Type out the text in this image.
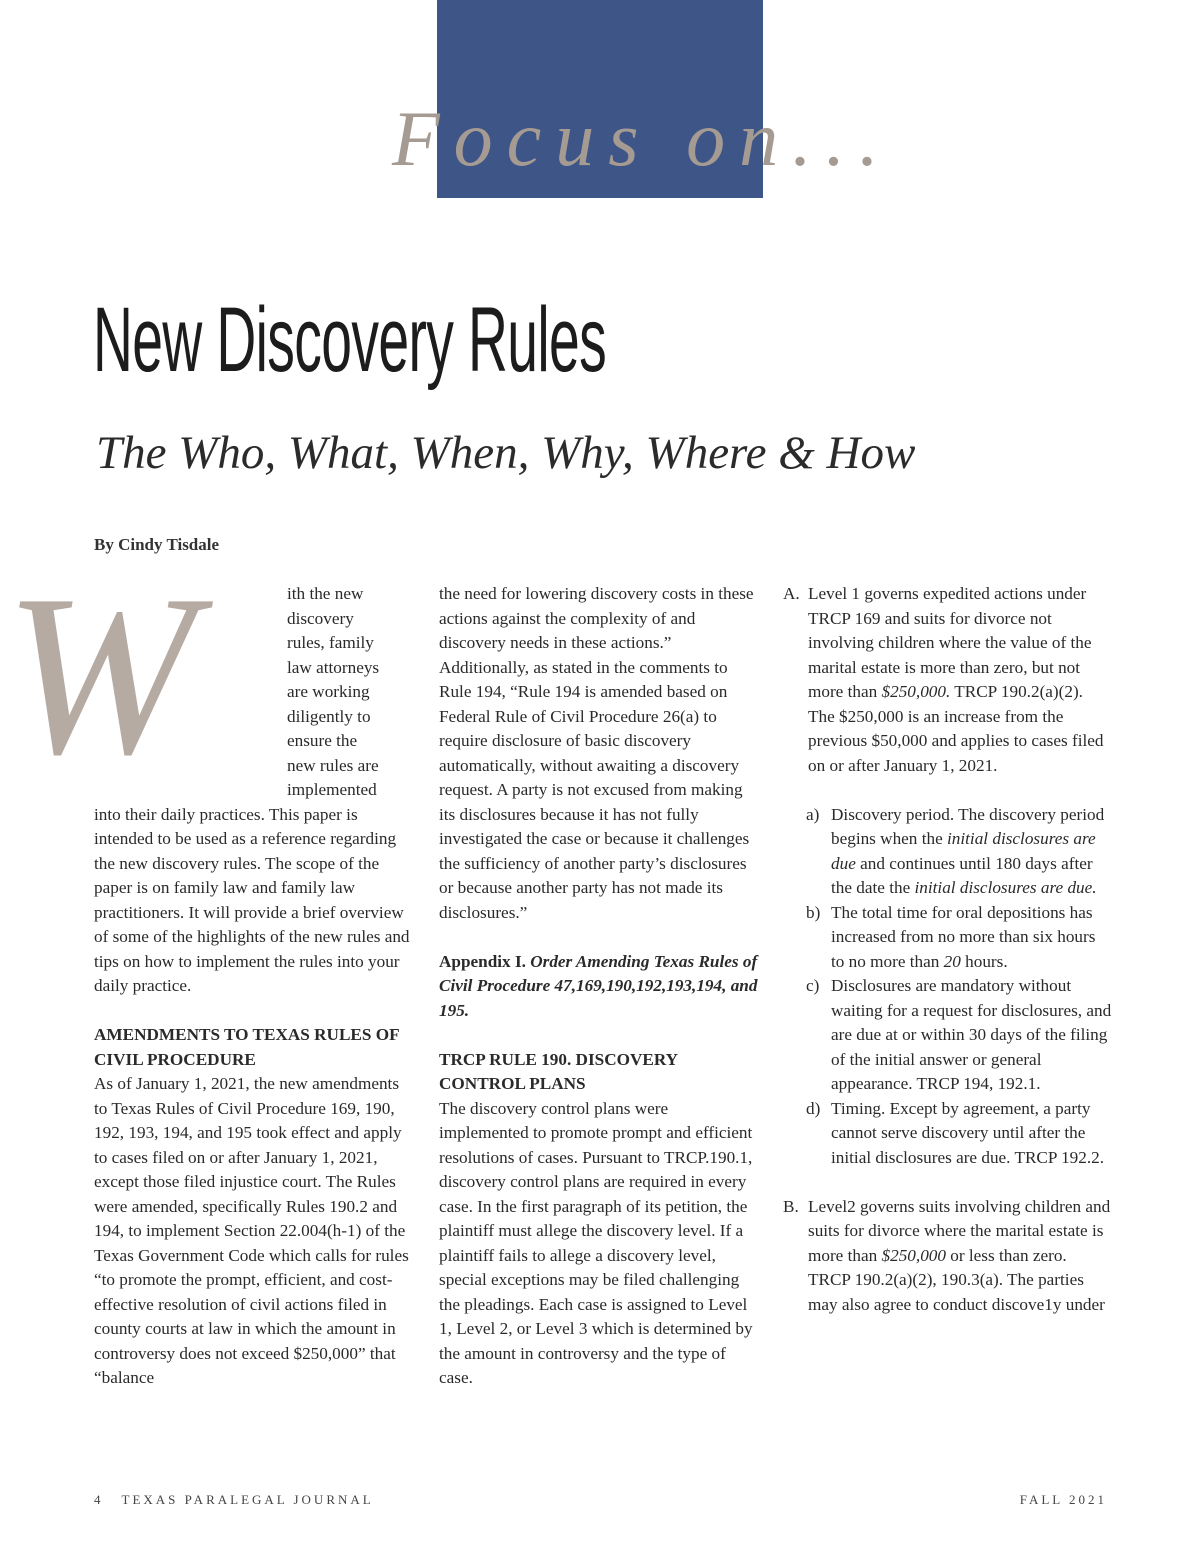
Focus on...
New Discovery Rules
The Who, What, When, Why, Where & How
By Cindy Tisdale
W	ith the new
discovery
rules, family
law attorneys
are working
diligently to
ensure the
new rules are
implemented

into their daily practices. This paper is intended to be used as a reference regarding the new discovery rules. The scope of the paper is on family law and family law practitioners. It will provide a brief overview of some of the highlights of the new rules and tips on how to implement the rules into your daily practice.

AMENDMENTS TO TEXAS RULES OF CIVIL PROCEDURE

As of January 1, 2021, the new amendments to Texas Rules of Civil Procedure 169, 190, 192, 193, 194, and 195 took effect and apply to cases filed on or after January 1, 2021, except those filed injustice court. The Rules were amended, specifically Rules 190.2 and 194, to implement Section 22.004(h-1) of the Texas Government Code which calls for rules “to promote the prompt, efficient, and cost-effective resolution of civil actions filed in county courts at law in which the amount in controversy does not exceed $250,000” that “balance

the need for lowering discovery costs in these actions against the complexity of and discovery needs in these actions.” Additionally, as stated in the comments to Rule 194, “Rule 194 is amended based on Federal Rule of Civil Procedure 26(a) to require disclosure of basic discovery automatically, without awaiting a discovery request. A party is not excused from making its disclosures because it has not fully investigated the case or because it challenges the sufficiency of another party’s disclosures or because another party has not made its disclosures.”

Appendix I. Order Amending Texas Rules of Civil Procedure 47,169,190,192,193,194, and 195.

TRCP RULE 190. DISCOVERY CONTROL PLANS

The discovery control plans were implemented to promote prompt and efficient resolutions of cases. Pursuant to TRCP.190.1, discovery control plans are required in every case. In the first paragraph of its petition, the plaintiff must allege the discovery level. If a plaintiff fails to allege a discovery level, special exceptions may be filed challenging the pleadings. Each case is assigned to Level 1, Level 2, or Level 3 which is determined by the amount in controversy and the type of case.

A. Level 1 governs expedited actions under TRCP 169 and suits for divorce not involving children where the value of the marital estate is more than zero, but not more than $250,000. TRCP 190.2(a)(2). The $250,000 is an increase from the previous $50,000 and applies to cases filed on or after January 1, 2021.
a) Discovery period. The discovery period begins when the initial disclosures are due and continues until 180 days after the date the initial disclosures are due.
b) The total time for oral depositions has increased from no more than six hours to no more than 20 hours.
c) Disclosures are mandatory without waiting for a request for disclosures, and are due at or within 30 days of the filing of the initial answer or general appearance. TRCP 194, 192.1.
d) Timing. Except by agreement, a party cannot serve discovery until after the initial disclosures are due. TRCP 192.2.
B. Level2 governs suits involving children and suits for divorce where the marital estate is more than $250,000 or less than zero. TRCP 190.2(a)(2), 190.3(a). The parties may also agree to conduct discove1y under
4 TEXAS PARALEGAL JOURNAL	FALL 2021
